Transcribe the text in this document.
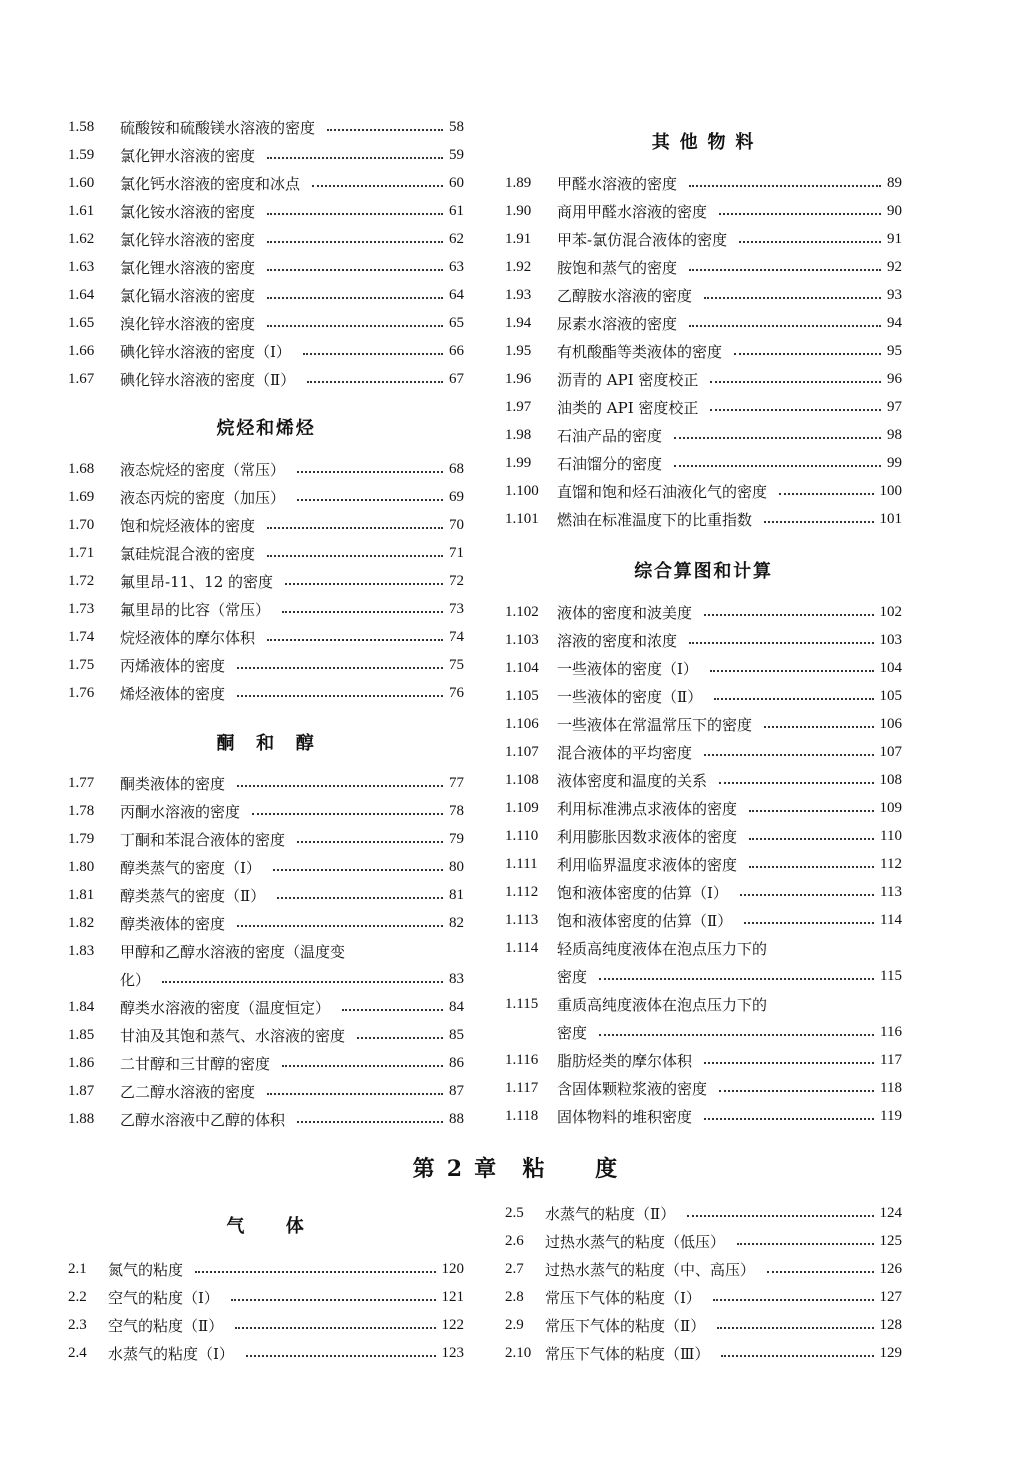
1.58	硫酸铵和硫酸镁水溶液的密度	58
1.59	氯化钾水溶液的密度	59
1.60	氯化钙水溶液的密度和冰点	60
1.61	氯化铵水溶液的密度	61
1.62	氯化锌水溶液的密度	62
1.63	氯化锂水溶液的密度	63
1.64	氯化镉水溶液的密度	64
1.65	溴化锌水溶液的密度	65
1.66	碘化锌水溶液的密度（Ⅰ）	66
1.67	碘化锌水溶液的密度（Ⅱ）	67
烷烃和烯烃
1.68	液态烷烃的密度（常压）	68
1.69	液态丙烷的密度（加压）	69
1.70	饱和烷烃液体的密度	70
1.71	氯硅烷混合液的密度	71
1.72	氟里昂-11、12 的密度	72
1.73	氟里昂的比容（常压）	73
1.74	烷烃液体的摩尔体积	74
1.75	丙烯液体的密度	75
1.76	烯烃液体的密度	76
酮　和　醇
1.77	酮类液体的密度	77
1.78	丙酮水溶液的密度	78
1.79	丁酮和苯混合液体的密度	79
1.80	醇类蒸气的密度（Ⅰ）	80
1.81	醇类蒸气的密度（Ⅱ）	81
1.82	醇类液体的密度	82
1.83	甲醇和乙醇水溶液的密度（温度变
化）	83
1.84	醇类水溶液的密度（温度恒定）	84
1.85	甘油及其饱和蒸气、水溶液的密度	85
1.86	二甘醇和三甘醇的密度	86
1.87	乙二醇水溶液的密度	87
1.88	乙醇水溶液中乙醇的体积	88
其 他 物 料
1.89	甲醛水溶液的密度	89
1.90	商用甲醛水溶液的密度	90
1.91	甲苯-氯仿混合液体的密度	91
1.92	胺饱和蒸气的密度	92
1.93	乙醇胺水溶液的密度	93
1.94	尿素水溶液的密度	94
1.95	有机酸酯等类液体的密度	95
1.96	沥青的 API 密度校正	96
1.97	油类的 API 密度校正	97
1.98	石油产品的密度	98
1.99	石油馏分的密度	99
1.100	直馏和饱和烃石油液化气的密度	100
1.101	燃油在标准温度下的比重指数	101
综合算图和计算
1.102	液体的密度和波美度	102
1.103	溶液的密度和浓度	103
1.104	一些液体的密度（Ⅰ）	104
1.105	一些液体的密度（Ⅱ）	105
1.106	一些液体在常温常压下的密度	106
1.107	混合液体的平均密度	107
1.108	液体密度和温度的关系	108
1.109	利用标准沸点求液体的密度	109
1.110	利用膨胀因数求液体的密度	110
1.111	利用临界温度求液体的密度	112
1.112	饱和液体密度的估算（Ⅰ）	113
1.113	饱和液体密度的估算（Ⅱ）	114
1.114	轻质高纯度液体在泡点压力下的
密度	115
1.115	重质高纯度液体在泡点压力下的
密度	116
1.116	脂肪烃类的摩尔体积	117
1.117	含固体颗粒浆液的密度	118
1.118	固体物料的堆积密度	119
第 2 章　粘　　度
气　　体
2.1	氮气的粘度	120
2.2	空气的粘度（Ⅰ）	121
2.3	空气的粘度（Ⅱ）	122
2.4	水蒸气的粘度（Ⅰ）	123
2.5	水蒸气的粘度（Ⅱ）	124
2.6	过热水蒸气的粘度（低压）	125
2.7	过热水蒸气的粘度（中、高压）	126
2.8	常压下气体的粘度（Ⅰ）	127
2.9	常压下气体的粘度（Ⅱ）	128
2.10 常压下气体的粘度（Ⅲ）	129
